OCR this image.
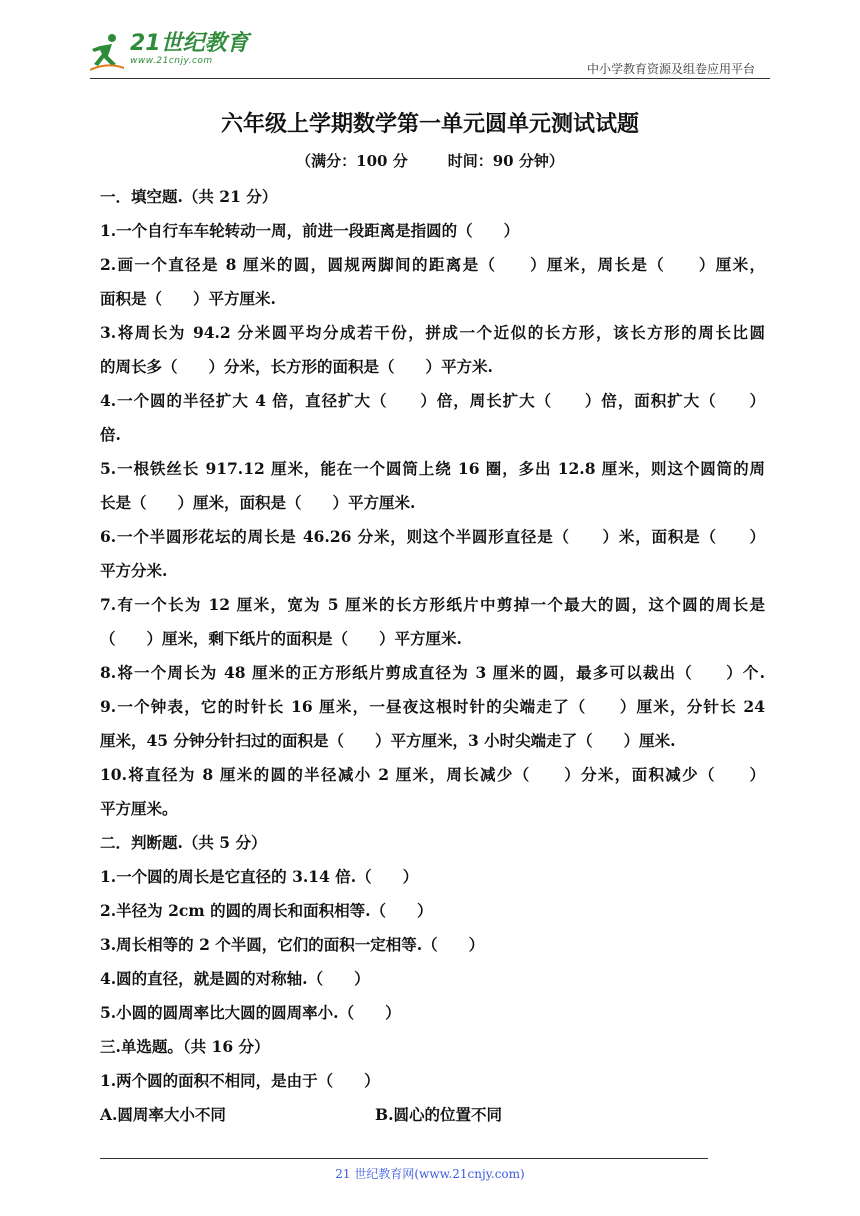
21世纪教育
www.21cnjy.com
中小学教育资源及组卷应用平台
六年级上学期数学第一单元圆单元测试试题
（满分：100 分	时间：90 分钟）
一．填空题.（共 21 分）
1.一个自行车车轮转动一周，前进一段距离是指圆的（　　）
2.画一个直径是 8 厘米的圆，圆规两脚间的距离是（　　）厘米，周长是（　　）厘米，
面积是（　　）平方厘米.
3.将周长为 94.2 分米圆平均分成若干份，拼成一个近似的长方形，该长方形的周长比圆
的周长多（　　）分米，长方形的面积是（　　）平方米.
4.一个圆的半径扩大 4 倍，直径扩大（　　）倍，周长扩大（　　）倍，面积扩大（　　）
倍.
5.一根铁丝长 917.12 厘米，能在一个圆筒上绕 16 圈，多出 12.8 厘米，则这个圆筒的周
长是（　　）厘米，面积是（　　）平方厘米.
6.一个半圆形花坛的周长是 46.26 分米，则这个半圆形直径是（　　）米，面积是（　　）
平方分米.
7.有一个长为 12 厘米，宽为 5 厘米的长方形纸片中剪掉一个最大的圆，这个圆的周长是
（　　）厘米，剩下纸片的面积是（　　）平方厘米.
8.将一个周长为 48 厘米的正方形纸片剪成直径为 3 厘米的圆，最多可以裁出（　　）个.
9.一个钟表，它的时针长 16 厘米，一昼夜这根时针的尖端走了（　　）厘米，分针长 24
厘米，45 分钟分针扫过的面积是（　　）平方厘米，3 小时尖端走了（　　）厘米.
10.将直径为 8 厘米的圆的半径减小 2 厘米，周长减少（　　）分米，面积减少（　　）
平方厘米。
二．判断题.（共 5 分）
1.一个圆的周长是它直径的 3.14 倍.（　　）
2.半径为 2cm 的圆的周长和面积相等.（　　）
3.周长相等的 2 个半圆，它们的面积一定相等.（　　）
4.圆的直径，就是圆的对称轴.（　　）
5.小圆的圆周率比大圆的圆周率小.（　　）
三.单选题。（共 16 分）
1.两个圆的面积不相同，是由于（　　）
A.圆周率大小不同	B.圆心的位置不同
21 世纪教育网(www.21cnjy.com)
